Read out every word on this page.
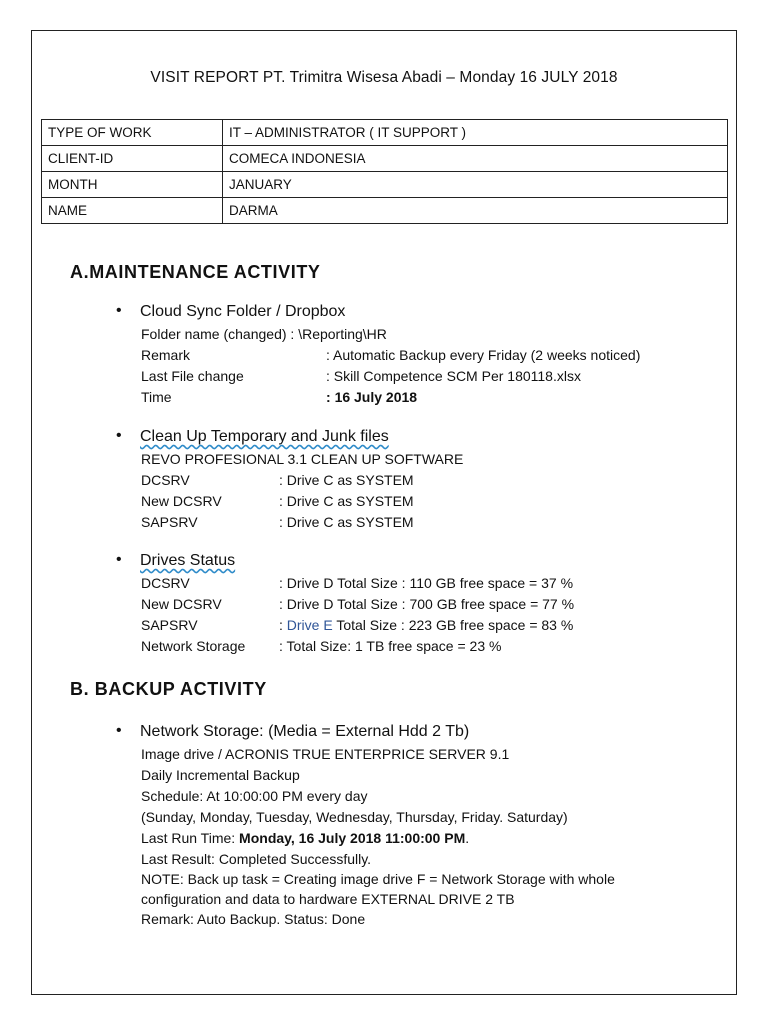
VISIT REPORT PT. Trimitra Wisesa Abadi – Monday 16 JULY 2018
TYPE OF WORK	IT – ADMINISTRATOR ( IT SUPPORT )
CLIENT-ID	COMECA INDONESIA
MONTH	JANUARY
NAME	DARMA
A.MAINTENANCE ACTIVITY
• Cloud Sync Folder / Dropbox
Folder name (changed) : \Reporting\HR
Remark	: Automatic Backup every Friday (2 weeks noticed)
Last File change	: Skill Competence SCM Per 180118.xlsx
Time	: 16 July 2018
• Clean Up Temporary and Junk files
REVO PROFESIONAL 3.1 CLEAN UP SOFTWARE
DCSRV	: Drive C as SYSTEM
New DCSRV	: Drive C as SYSTEM
SAPSRV	: Drive C as SYSTEM
• Drives Status
DCSRV	: Drive D Total Size : 110 GB free space = 37 %
New DCSRV	: Drive D Total Size : 700 GB free space = 77 %
SAPSRV	: Drive E Total Size : 223 GB free space = 83 %
Network Storage : Total Size: 1 TB free space = 23 %
B. BACKUP ACTIVITY
• Network Storage: (Media = External Hdd 2 Tb)
Image drive / ACRONIS TRUE ENTERPRICE SERVER 9.1
Daily Incremental Backup
Schedule: At 10:00:00 PM every day
(Sunday, Monday, Tuesday, Wednesday, Thursday, Friday. Saturday)
Last Run Time: Monday, 16 July 2018 11:00:00 PM.
Last Result: Completed Successfully.
NOTE: Back up task = Creating image drive F = Network Storage with whole
configuration and data to hardware EXTERNAL DRIVE 2 TB
Remark: Auto Backup. Status: Done
